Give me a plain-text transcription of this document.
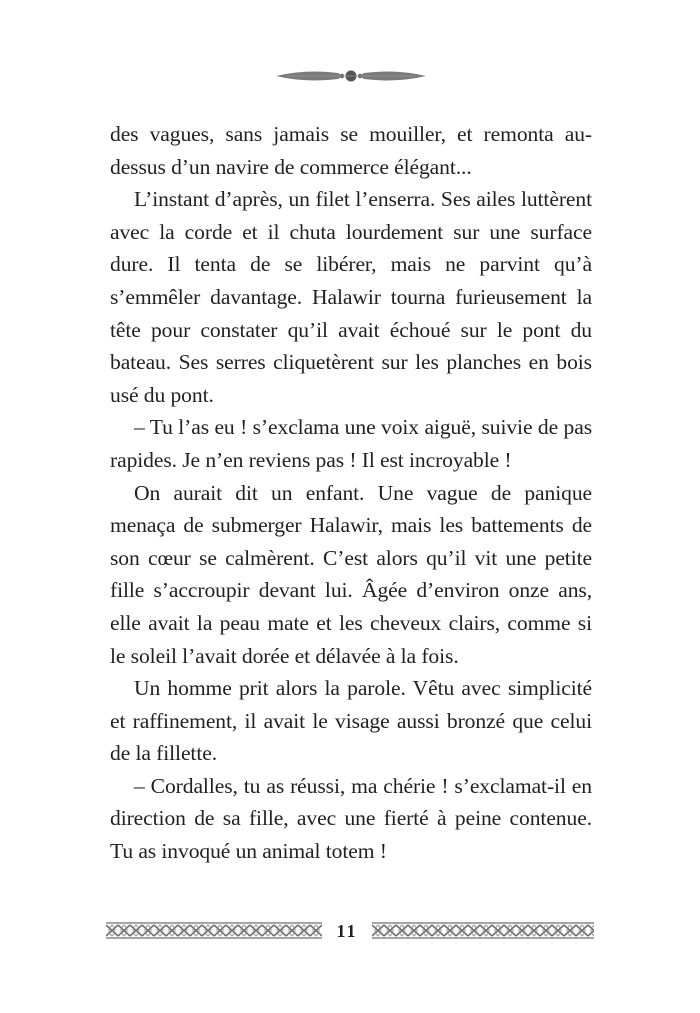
des vagues, sans jamais se mouiller, et remonta au-dessus d’un navire de commerce élégant...

L’instant d’après, un filet l’enserra. Ses ailes luttèrent avec la corde et il chuta lourdement sur une surface dure. Il tenta de se libérer, mais ne parvint qu’à s’emmêler davantage. Halawir tourna furieusement la tête pour constater qu’il avait échoué sur le pont du bateau. Ses serres cliquetèrent sur les planches en bois usé du pont.

– Tu l’as eu ! s’exclama une voix aiguë, suivie de pas rapides. Je n’en reviens pas ! Il est incroyable !

On aurait dit un enfant. Une vague de panique menaça de submerger Halawir, mais les battements de son cœur se calmèrent. C’est alors qu’il vit une petite fille s’accroupir devant lui. Âgée d’environ onze ans, elle avait la peau mate et les cheveux clairs, comme si le soleil l’avait dorée et délavée à la fois.

Un homme prit alors la parole. Vêtu avec simplicité et raffinement, il avait le visage aussi bronzé que celui de la fillette.

– Cordalles, tu as réussi, ma chérie ! s’exclamat-il en direction de sa fille, avec une fierté à peine contenue. Tu as invoqué un animal totem !

11
